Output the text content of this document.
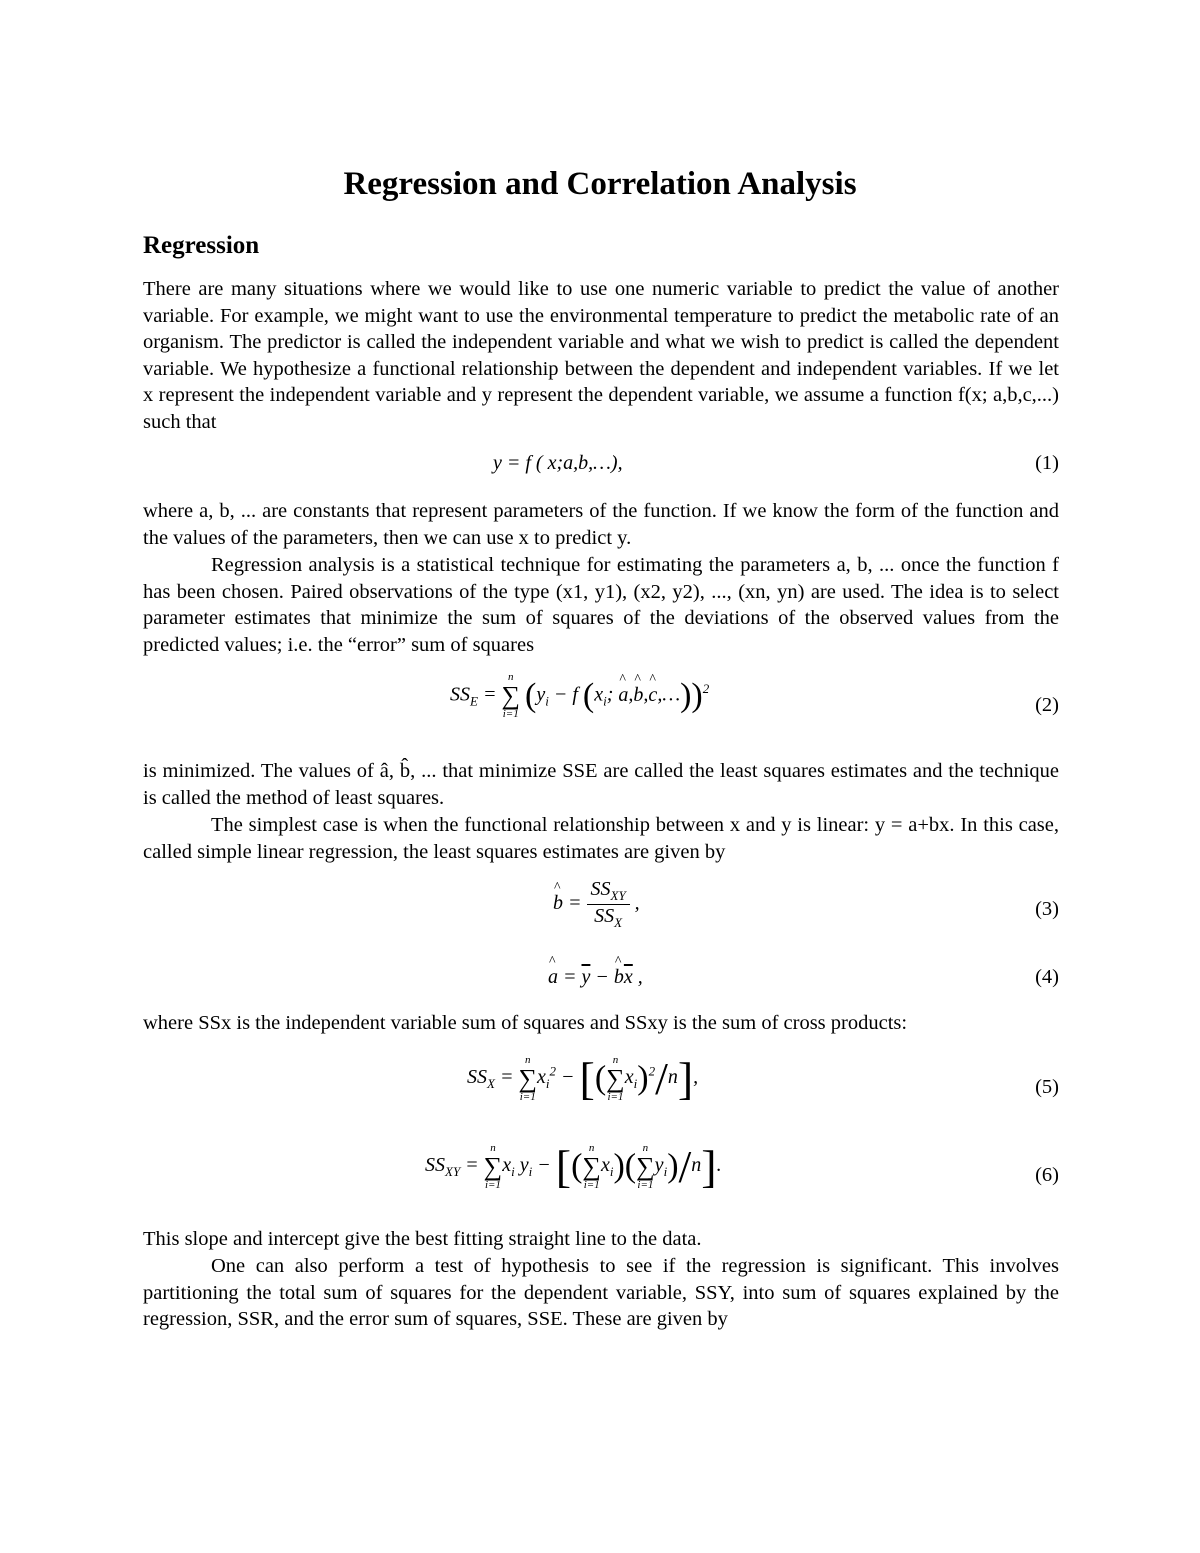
Regression and Correlation Analysis
Regression

There are many situations where we would like to use one numeric variable to predict the value of another variable. For example, we might want to use the environmental temperature to predict the metabolic rate of an organism. The predictor is called the independent variable and what we wish to predict is called the dependent variable. We hypothesize a functional relationship between the dependent and independent variables. If we let x represent the independent variable and y represent the dependent variable, we assume a function f(x; a,b,c,...) such that

y = f ( x;a,b,…),	(1)

where a, b, ... are constants that represent parameters of the function. If we know the form of the function and the values of the parameters, then we can use x to predict y.

Regression analysis is a statistical technique for estimating the parameters a, b, ... once the function f has been chosen. Paired observations of the type (x1, y1), (x2, y2), ..., (xn, yn) are used. The idea is to select parameter estimates that minimize the sum of squares of the deviations of the observed values from the predicted values; i.e. the “error” sum of squares

$SS_E$ =
n
∑
i=1 ($y_i - f$ ($x_i$; ^ a,^ b,^ c,…))$^2$
(2)

is minimized. The values of â, b̂, ... that minimize SSE are called the least squares estimates and the technique is called the method of least squares.

The simplest case is when the functional relationship between x and y is linear: y = a+bx. In this case, called simple linear regression, the least squares estimates are given by

^ $b = \frac{SS_{XY}}{SS_X}$ ,	(3)
^ $a = \overline{y}$ − ^ $b\overline{x}$ ,	(4)

where SSx is the independent variable sum of squares and SSxy is the sum of cross products:

$SS_X$ =
n
∑
i=1
$x_i^2$ − [( n
∑
i=1
$x_i)^2/n$],	(5)
$SS_{XY}$ =
n
∑
i=1
$x_i$ $y_i$ − [( n
∑
i=1
$x_i$)( n
∑
i=1
$y_i)/n$].	(6)

This slope and intercept give the best fitting straight line to the data.

One can also perform a test of hypothesis to see if the regression is significant. This involves partitioning the total sum of squares for the dependent variable, SSY, into sum of squares explained by the regression, SSR, and the error sum of squares, SSE. These are given by
